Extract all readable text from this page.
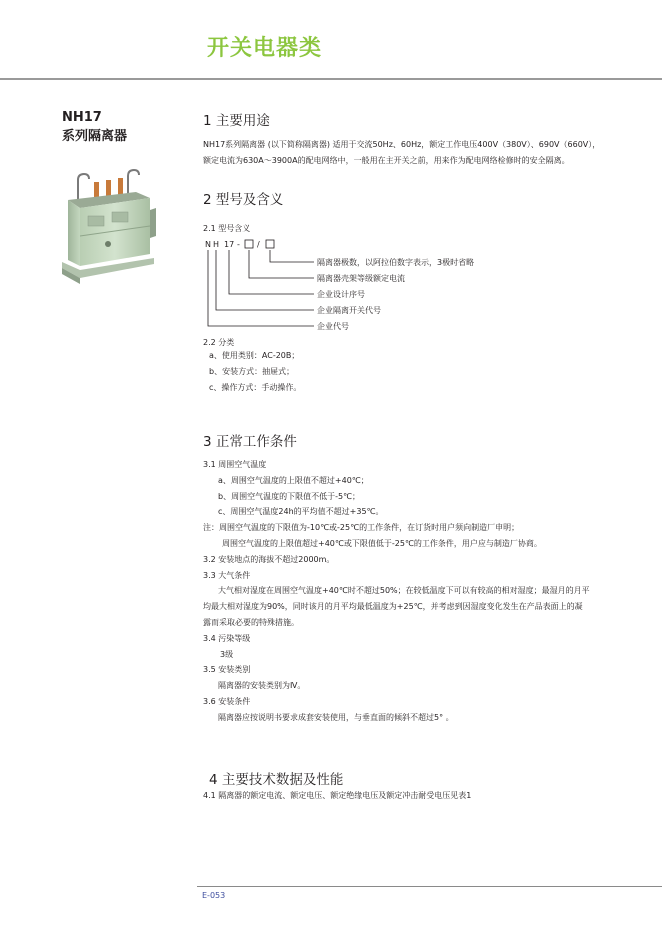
开关电器类
NH17
系列隔离器
1 主要用途
NH17系列隔离器 (以下简称隔离器) 适用于交流50Hz、60Hz，额定工作电压400V（380V）、690V（660V），
额定电流为630A～3900A的配电网络中，一般用在主开关之前，用来作为配电网络检修时的安全隔离。
2 型号及含义
2.1 型号含义
N H 17 - /
隔离器极数，以阿拉伯数字表示，3极时省略
隔离器壳架等级额定电流
企业设计序号
企业隔离开关代号
企业代号
2.2 分类
a、使用类别：AC-20B；
b、安装方式：抽屉式；
c、操作方式：手动操作。
3 正常工作条件
3.1 周围空气温度
a、周围空气温度的上限值不超过+40℃；
b、周围空气温度的下限值不低于-5℃；
c、周围空气温度24h的平均值不超过+35℃。
注：周围空气温度的下限值为-10℃或-25℃的工作条件，在订货时用户须向制造厂申明；
周围空气温度的上限值超过+40℃或下限值低于-25℃的工作条件，用户应与制造厂协商。
3.2 安装地点的海拔不超过2000m。
3.3 大气条件
大气相对湿度在周围空气温度+40℃时不超过50%；在较低温度下可以有较高的相对湿度；最湿月的月平
均最大相对湿度为90%，同时该月的月平均最低温度为+25℃，并考虑到因湿度变化发生在产品表面上的凝
露而采取必要的特殊措施。
3.4 污染等级
3级
3.5 安装类别
隔离器的安装类别为Ⅳ。
3.6 安装条件
隔离器应按说明书要求成套安装使用，与垂直面的倾斜不超过5° 。
4 主要技术数据及性能
4.1 隔离器的额定电流、额定电压、额定绝缘电压及额定冲击耐受电压见表1
E-053
